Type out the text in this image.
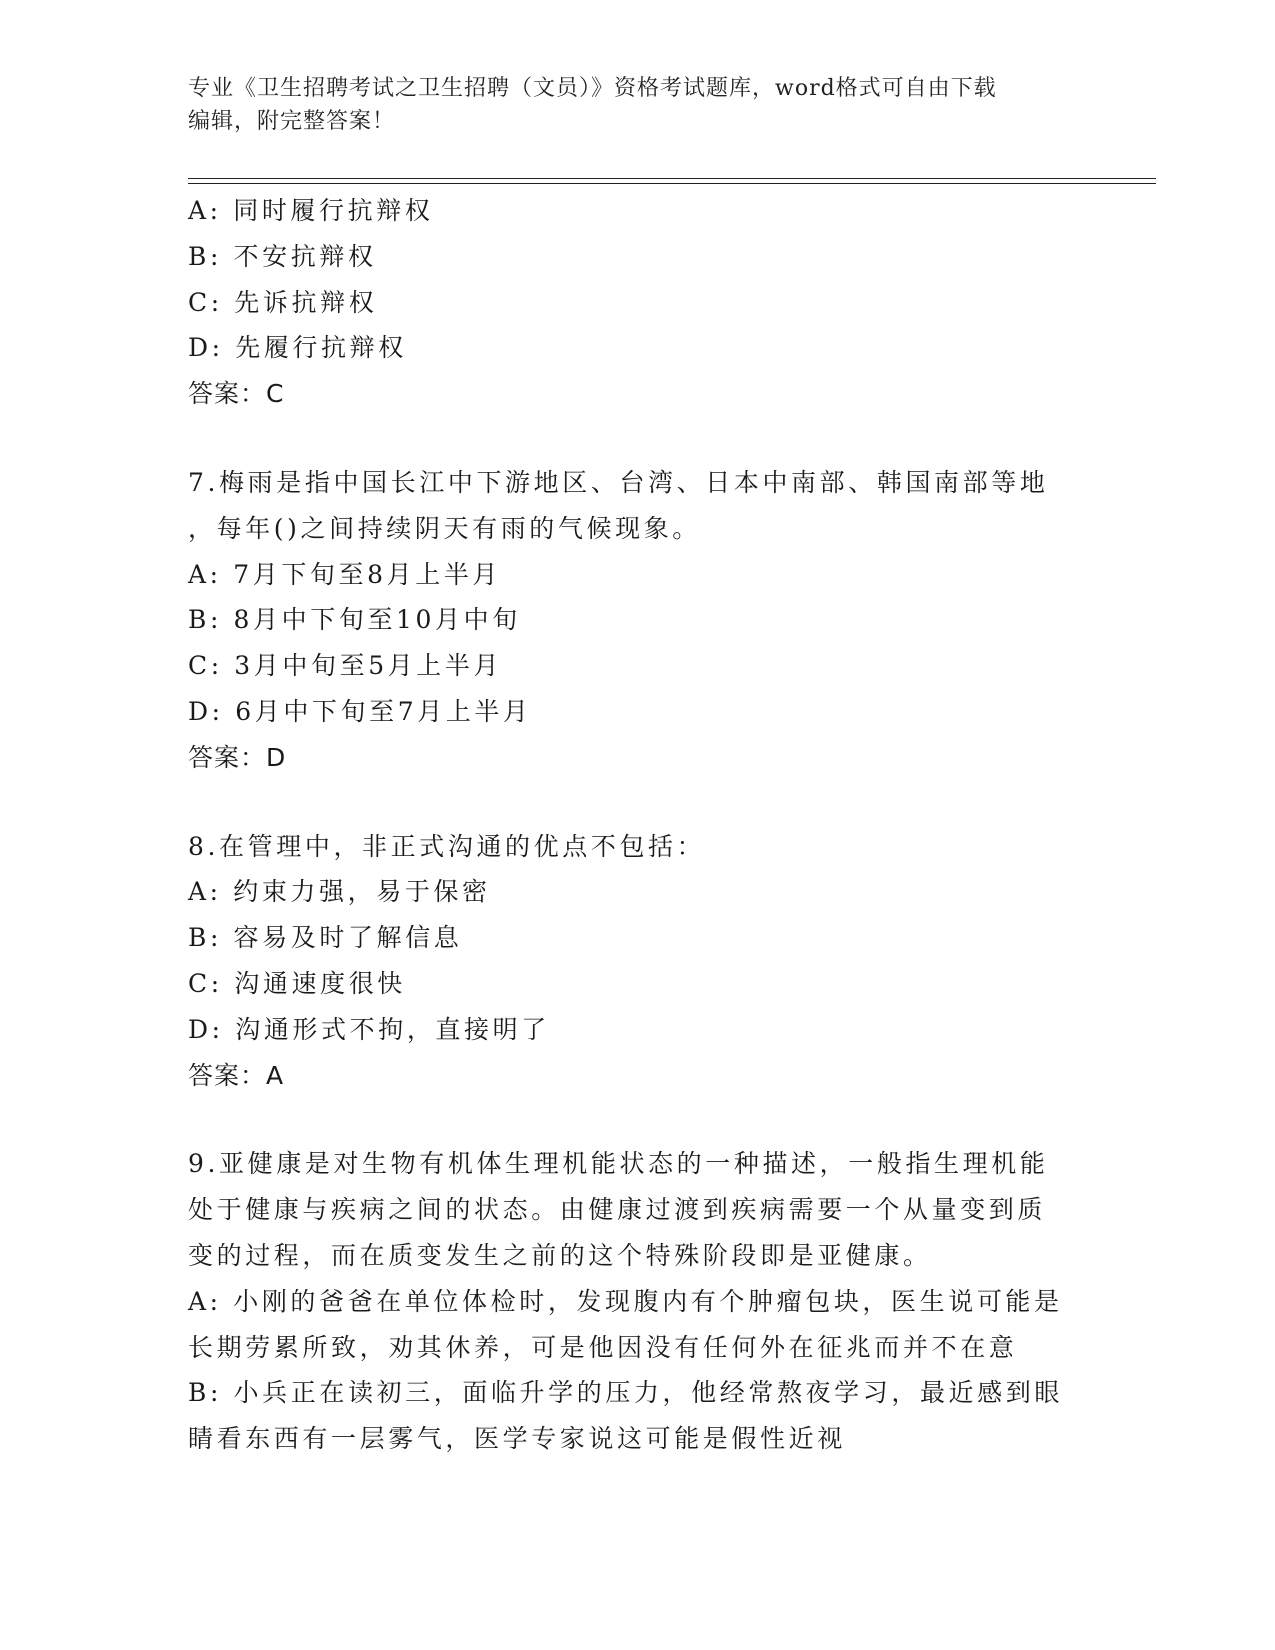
专业《卫生招聘考试之卫生招聘（文员）》资格考试题库，word格式可自由下载
编辑，附完整答案！
A: 同时履行抗辩权
B: 不安抗辩权
C: 先诉抗辩权
D: 先履行抗辩权
答案：C
7.梅雨是指中国长江中下游地区、台湾、日本中南部、韩国南部等地
，每年()之间持续阴天有雨的气候现象。
A: 7月下旬至8月上半月
B: 8月中下旬至10月中旬
C: 3月中旬至5月上半月
D: 6月中下旬至7月上半月
答案：D
8.在管理中，非正式沟通的优点不包括：
A: 约束力强，易于保密
B: 容易及时了解信息
C: 沟通速度很快
D: 沟通形式不拘，直接明了
答案：A
9.亚健康是对生物有机体生理机能状态的一种描述，一般指生理机能
处于健康与疾病之间的状态。由健康过渡到疾病需要一个从量变到质
变的过程，而在质变发生之前的这个特殊阶段即是亚健康。
A: 小刚的爸爸在单位体检时，发现腹内有个肿瘤包块，医生说可能是
长期劳累所致，劝其休养，可是他因没有任何外在征兆而并不在意
B: 小兵正在读初三，面临升学的压力，他经常熬夜学习，最近感到眼
睛看东西有一层雾气，医学专家说这可能是假性近视
